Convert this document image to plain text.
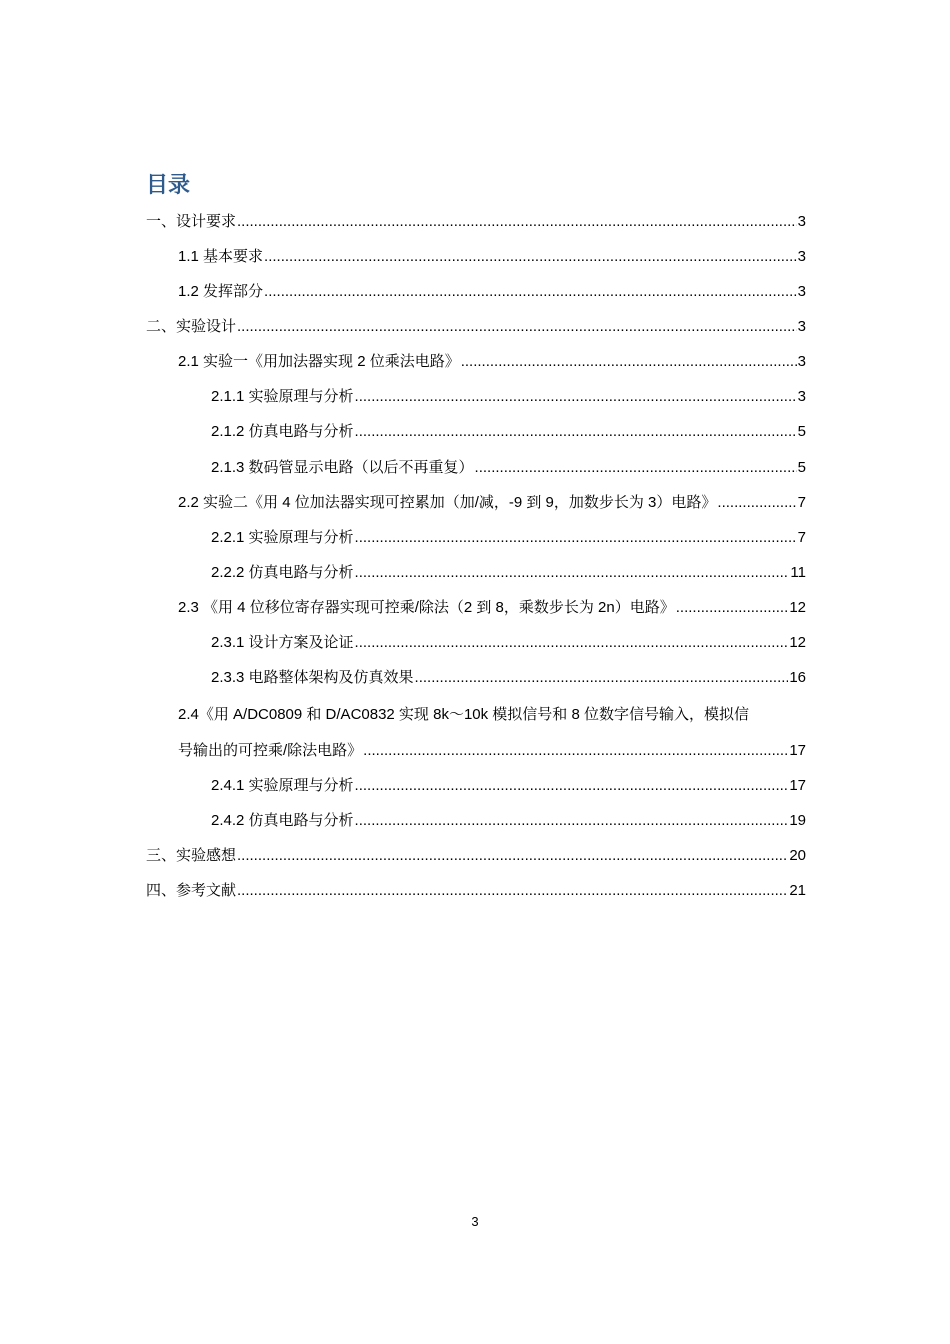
目录
一、设计要求 .....	3
1.1 基本要求 .....	3
1.2 发挥部分 .....	3
二、实验设计 .....	3
2.1 实验一《用加法器实现 2 位乘法电路》 .....	3
2.1.1 实验原理与分析 .....	3
2.1.2 仿真电路与分析 .....	5
2.1.3 数码管显示电路（以后不再重复） .....	5
2.2 实验二《用 4 位加法器实现可控累加（加/减，-9 到 9，加数步长为 3）电路》 .....	7
2.2.1 实验原理与分析 .....	7
2.2.2 仿真电路与分析 .....	11
2.3 《用 4 位移位寄存器实现可控乘/除法（2 到 8，乘数步长为 2n）电路》 .....	12
2.3.1 设计方案及论证 .....	12
2.3.3 电路整体架构及仿真效果 .....	16
2.4《用 A/DC0809 和 D/AC0832 实现 8k～10k 模拟信号和 8 位数字信号输入，模拟信
号输出的可控乘/除法电路》 .....	17
2.4.1 实验原理与分析 .....	17
2.4.2 仿真电路与分析 .....	19
三、实验感想 .....	20
四、参考文献 .....	21
3
